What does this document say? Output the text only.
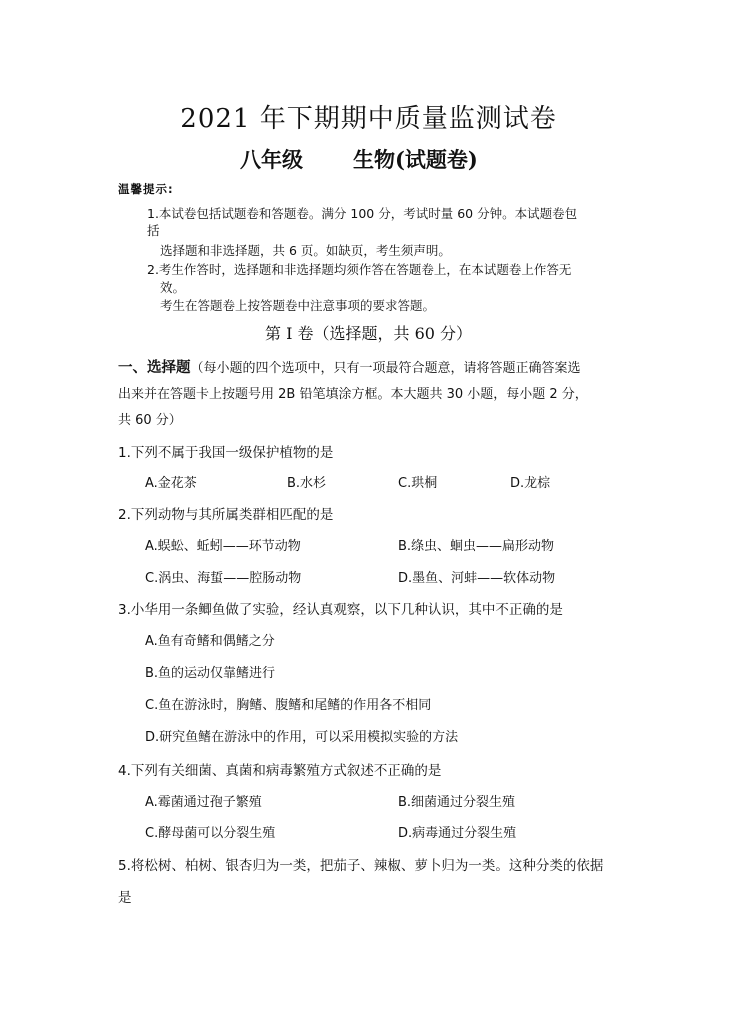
2021 年下期期中质量监测试卷
八年级 生物(试题卷)
温馨提示:
1.本试卷包括试题卷和答题卷。满分 100 分，考试时量 60 分钟。本试题卷包
括
选择题和非选择题，共 6 页。如缺页，考生须声明。
2.考生作答时，选择题和非选择题均须作答在答题卷上，在本试题卷上作答无
效。
考生在答题卷上按答题卷中注意事项的要求答题。
第 I 卷（选择题，共 60 分）
一、选择题（每小题的四个选项中，只有一项最符合题意，请将答题正确答案选
出来并在答题卡上按题号用 2B 铅笔填涂方框。本大题共 30 小题，每小题 2 分，
共 60 分）
1.下列不属于我国一级保护植物的是
A.金花茶	B.水杉	C.珙桐	D.龙棕
2.下列动物与其所属类群相匹配的是
A.蜈蚣、蚯蚓——环节动物	B.绦虫、蛔虫——扁形动物
C.涡虫、海蜇——腔肠动物	D.墨鱼、河蚌——软体动物
3.小华用一条鲫鱼做了实验，经认真观察，以下几种认识，其中不正确的是
A.鱼有奇鳍和偶鳍之分
B.鱼的运动仅靠鳍进行
C.鱼在游泳时，胸鳍、腹鳍和尾鳍的作用各不相同
D.研究鱼鳍在游泳中的作用，可以采用模拟实验的方法
4.下列有关细菌、真菌和病毒繁殖方式叙述不正确的是
A.霉菌通过孢子繁殖	B.细菌通过分裂生殖
C.酵母菌可以分裂生殖	D.病毒通过分裂生殖
5.将松树、柏树、银杏归为一类，把茄子、辣椒、萝卜归为一类。这种分类的依据
是
